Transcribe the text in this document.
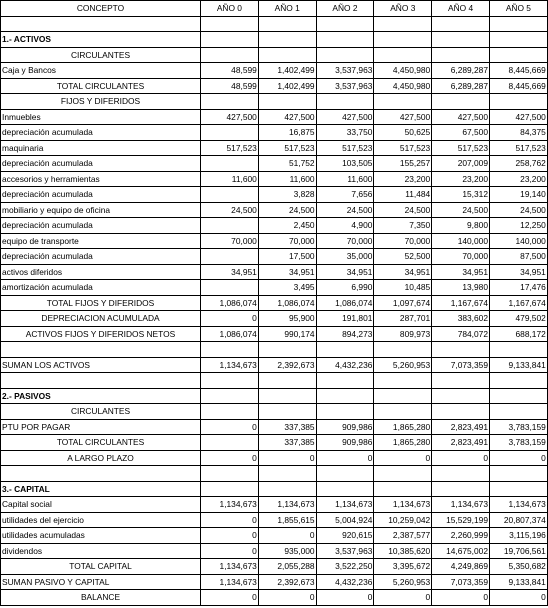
CONCEPTO	AÑO 0	AÑO 1	AÑO 2	AÑO 3	AÑO 4	AÑO 5

1.- ACTIVOS						
CIRCULANTES						
Caja y Bancos	48,599	1,402,499	3,537,963	4,450,980	6,289,287	8,445,669
TOTAL CIRCULANTES	48,599	1,402,499	3,537,963	4,450,980	6,289,287	8,445,669
FIJOS Y DIFERIDOS						
Inmuebles	427,500	427,500	427,500	427,500	427,500	427,500
depreciación acumulada		16,875	33,750	50,625	67,500	84,375
maquinaria	517,523	517,523	517,523	517,523	517,523	517,523
depreciación acumulada		51,752	103,505	155,257	207,009	258,762
accesorios y herramientas	11,600	11,600	11,600	23,200	23,200	23,200
depreciación acumulada		3,828	7,656	11,484	15,312	19,140
mobiliario y equipo de oficina	24,500	24,500	24,500	24,500	24,500	24,500
depreciación acumulada		2,450	4,900	7,350	9,800	12,250
equipo de transporte	70,000	70,000	70,000	70,000	140,000	140,000
depreciación acumulada		17,500	35,000	52,500	70,000	87,500
activos diferidos	34,951	34,951	34,951	34,951	34,951	34,951
amortización acumulada		3,495	6,990	10,485	13,980	17,476
TOTAL FIJOS Y DIFERIDOS	1,086,074	1,086,074	1,086,074	1,097,674	1,167,674	1,167,674
DEPRECIACION ACUMULADA	0	95,900	191,801	287,701	383,602	479,502
ACTIVOS FIJOS Y DIFERIDOS NETOS	1,086,074	990,174	894,273	809,973	784,072	688,172

SUMAN LOS ACTIVOS	1,134,673	2,392,673	4,432,236	5,260,953	7,073,359	9,133,841

2.- PASIVOS						
CIRCULANTES						
PTU POR PAGAR	0	337,385	909,986	1,865,280	2,823,491	3,783,159
TOTAL CIRCULANTES		337,385	909,986	1,865,280	2,823,491	3,783,159
A LARGO PLAZO	0	0	0	0	0	0

3.- CAPITAL						
Capital social	1,134,673	1,134,673	1,134,673	1,134,673	1,134,673	1,134,673
utilidades del ejercicio	0	1,855,615	5,004,924	10,259,042	15,529,199	20,807,374
utilidades acumuladas	0	0	920,615	2,387,577	2,260,999	3,115,196
dividendos	0	935,000	3,537,963	10,385,620	14,675,002	19,706,561
TOTAL CAPITAL	1,134,673	2,055,288	3,522,250	3,395,672	4,249,869	5,350,682
SUMAN PASIVO Y CAPITAL	1,134,673	2,392,673	4,432,236	5,260,953	7,073,359	9,133,841
BALANCE	0	0	0	0	0	0
